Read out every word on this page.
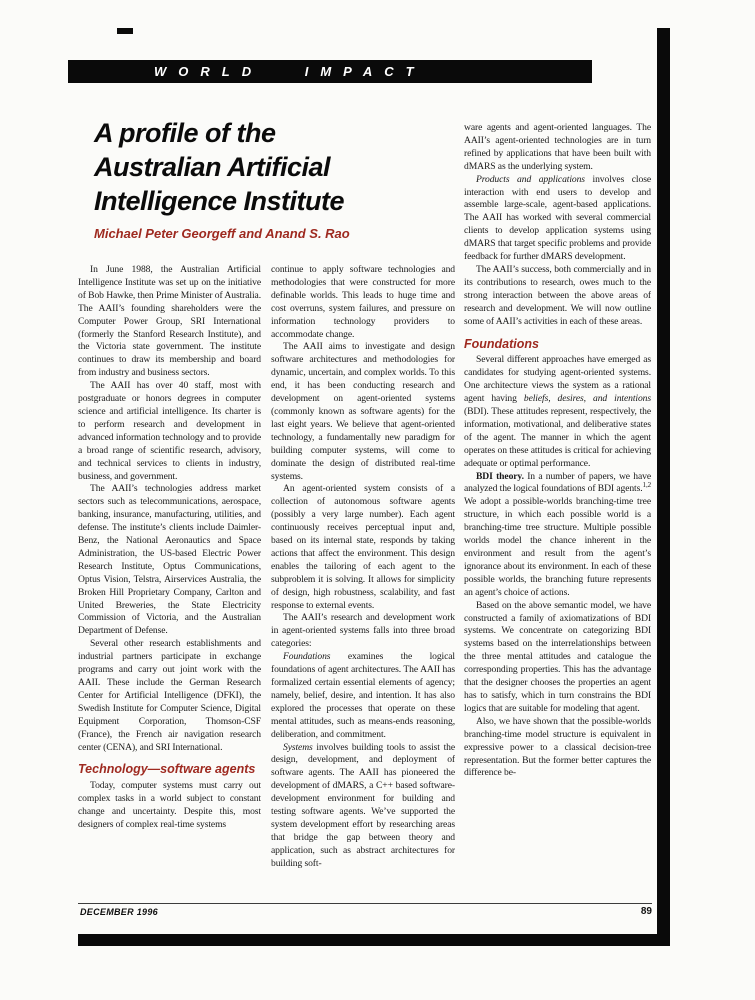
WORLD IMPACT
A profile of the
Australian Artificial
Intelligence Institute
Michael Peter Georgeff and Anand S. Rao

In June 1988, the Australian Artificial Intelligence Institute was set up on the initiative of Bob Hawke, then Prime Minister of Australia. The AAII’s founding shareholders were the Computer Power Group, SRI International (formerly the Stanford Research Institute), and the Victoria state government. The institute continues to draw its membership and board from industry and business sectors.

The AAII has over 40 staff, most with postgraduate or honors degrees in computer science and artificial intelligence. Its charter is to perform research and development in advanced information technology and to provide a broad range of scientific research, advisory, and technical services to clients in industry, business, and government.

The AAII’s technologies address market sectors such as telecommunications, aerospace, banking, insurance, manufacturing, utilities, and defense. The institute’s clients include Daimler-Benz, the National Aeronautics and Space Administration, the US-based Electric Power Research Institute, Optus Communications, Optus Vision, Telstra, Airservices Australia, the Broken Hill Proprietary Company, Carlton and United Breweries, the State Electricity Commission of Victoria, and the Australian Department of Defense.

Several other research establishments and industrial partners participate in exchange programs and carry out joint work with the AAII. These include the German Research Center for Artificial Intelligence (DFKI), the Swedish Institute for Computer Science, Digital Equipment Corporation, Thomson-CSF (France), the French air navigation research center (CENA), and SRI International.

Technology—software agents

Today, computer systems must carry out complex tasks in a world subject to constant change and uncertainty. Despite this, most designers of complex real-time systems

continue to apply software technologies and methodologies that were constructed for more definable worlds. This leads to huge time and cost overruns, system failures, and pressure on information technology providers to accommodate change.

The AAII aims to investigate and design software architectures and methodologies for dynamic, uncertain, and complex worlds. To this end, it has been conducting research and development on agent-oriented systems (commonly known as software agents) for the last eight years. We believe that agent-oriented technology, a fundamentally new paradigm for building computer systems, will come to dominate the design of distributed real-time systems.

An agent-oriented system consists of a collection of autonomous software agents (possibly a very large number). Each agent continuously receives perceptual input and, based on its internal state, responds by taking actions that affect the environment. This design enables the tailoring of each agent to the subproblem it is solving. It allows for simplicity of design, high robustness, scalability, and fast response to external events.

The AAII’s research and development work in agent-oriented systems falls into three broad categories:

Foundations examines the logical foundations of agent architectures. The AAII has formalized certain essential elements of agency; namely, belief, desire, and intention. It has also explored the processes that operate on these mental attitudes, such as means-ends reasoning, deliberation, and commitment.

Systems involves building tools to assist the design, development, and deployment of software agents. The AAII has pioneered the development of dMARS, a C++ based software-development environment for building and testing software agents. We’ve supported the system development effort by researching areas that bridge the gap between theory and application, such as abstract architectures for building soft-

ware agents and agent-oriented languages. The AAII’s agent-oriented technologies are in turn refined by applications that have been built with dMARS as the underlying system.

Products and applications involves close interaction with end users to develop and assemble large-scale, agent-based applications. The AAII has worked with several commercial clients to develop application systems using dMARS that target specific problems and provide feedback for further dMARS development.

The AAII’s success, both commercially and in its contributions to research, owes much to the strong interaction between the above areas of research and development. We will now outline some of AAII’s activities in each of these areas.

Foundations

Several different approaches have emerged as candidates for studying agent-oriented systems. One architecture views the system as a rational agent having beliefs, desires, and intentions (BDI). These attitudes represent, respectively, the information, motivational, and deliberative states of the agent. The manner in which the agent operates on these attitudes is critical for achieving adequate or optimal performance.

BDI theory. In a number of papers, we have analyzed the logical foundations of BDI agents.$^{1,2}$ We adopt a possible-worlds branching-time tree structure, in which each possible world is a branching-time tree structure. Multiple possible worlds model the chance inherent in the environment and result from the agent’s ignorance about its environment. In each of these possible worlds, the branching future represents an agent’s choice of actions.

Based on the above semantic model, we have constructed a family of axiomatizations of BDI systems. We concentrate on categorizing BDI systems based on the interrelationships between the three mental attitudes and catalogue the corresponding properties. This has the advantage that the designer chooses the properties an agent has to satisfy, which in turn constrains the BDI logics that are suitable for modeling that agent.

Also, we have shown that the possible-worlds branching-time model structure is equivalent in expressive power to a classical decision-tree representation. But the former better captures the difference be-

DECEMBER 1996	89
